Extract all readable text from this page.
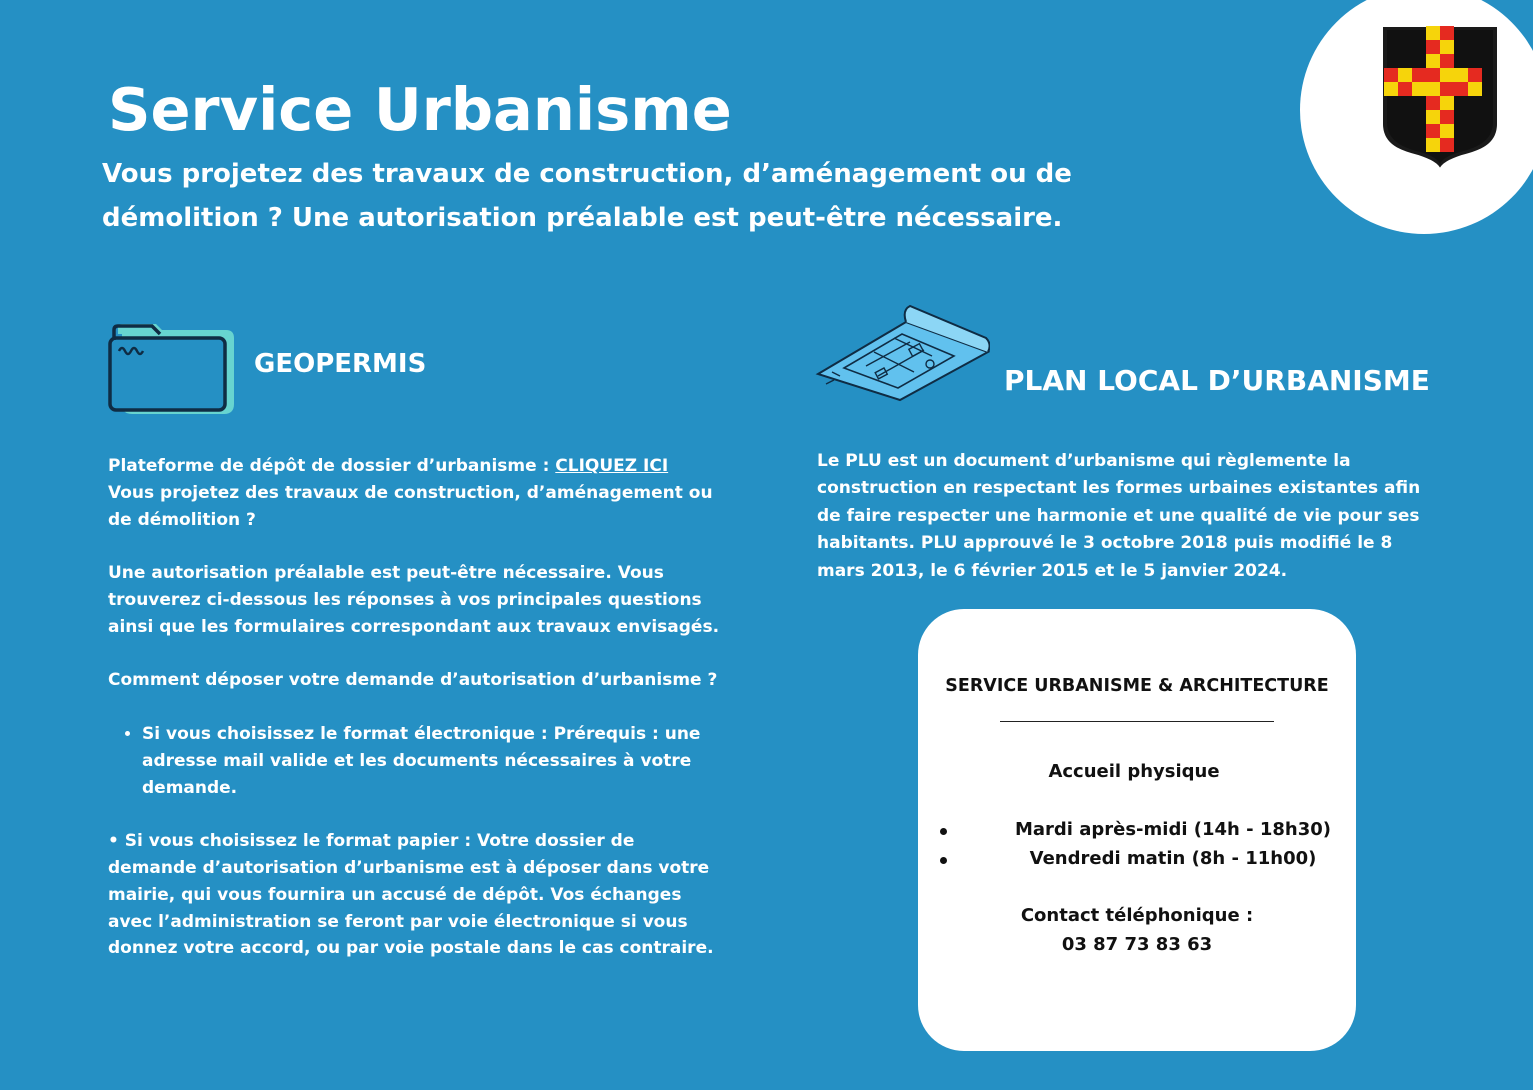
Service Urbanisme

Vous projetez des travaux de construction, d’aménagement ou de démolition ? Une autorisation préalable est peut-être nécessaire.

GEOPERMIS	PLAN LOCAL D’URBANISME

Plateforme de dépôt de dossier d’urbanisme : CLIQUEZ ICI

Vous projetez des travaux de construction, d’aménagement ou de démolition ?

Une autorisation préalable est peut-être nécessaire. Vous trouverez ci-dessous les réponses à vos principales questions ainsi que les formulaires correspondant aux travaux envisagés.

Comment déposer votre demande d’autorisation d’urbanisme ?

• Si vous choisissez le format électronique : Prérequis : une adresse mail valide et les documents nécessaires à votre demande.

• Si vous choisissez le format papier : Votre dossier de demande d’autorisation d’urbanisme est à déposer dans votre mairie, qui vous fournira un accusé de dépôt. Vos échanges avec l’administration se feront par voie électronique si vous donnez votre accord, ou par voie postale dans le cas contraire.

Le PLU est un document d’urbanisme qui règlemente la construction en respectant les formes urbaines existantes afin de faire respecter une harmonie et une qualité de vie pour ses habitants. PLU approuvé le 3 octobre 2018 puis modifié le 8 mars 2013, le 6 février 2015 et le 5 janvier 2024.

SERVICE URBANISME & ARCHITECTURE

Accueil physique

Mardi après-midi (14h - 18h30)
Vendredi matin (8h - 11h00)

Contact téléphonique :

03 87 73 83 63
